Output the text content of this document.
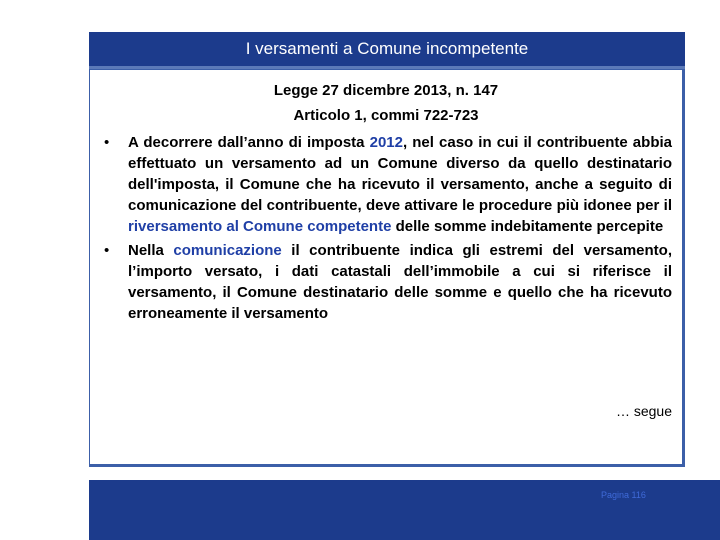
I versamenti a Comune incompetente
Legge 27 dicembre 2013, n. 147
Articolo 1, commi 722-723
• A decorrere dall’anno di imposta 2012, nel caso in cui il contribuente abbia effettuato un versamento ad un Comune diverso da quello destinatario dell'imposta, il Comune che ha ricevuto il versamento, anche a seguito di comunicazione del contribuente, deve attivare le procedure più idonee per il riversamento al Comune competente delle somme indebitamente percepite
• Nella comunicazione il contribuente indica gli estremi del versamento, l’importo versato, i dati catastali dell’immobile a cui si riferisce il versamento, il Comune destinatario delle somme e quello che ha ricevuto erroneamente il versamento
… segue
Pagina 116
